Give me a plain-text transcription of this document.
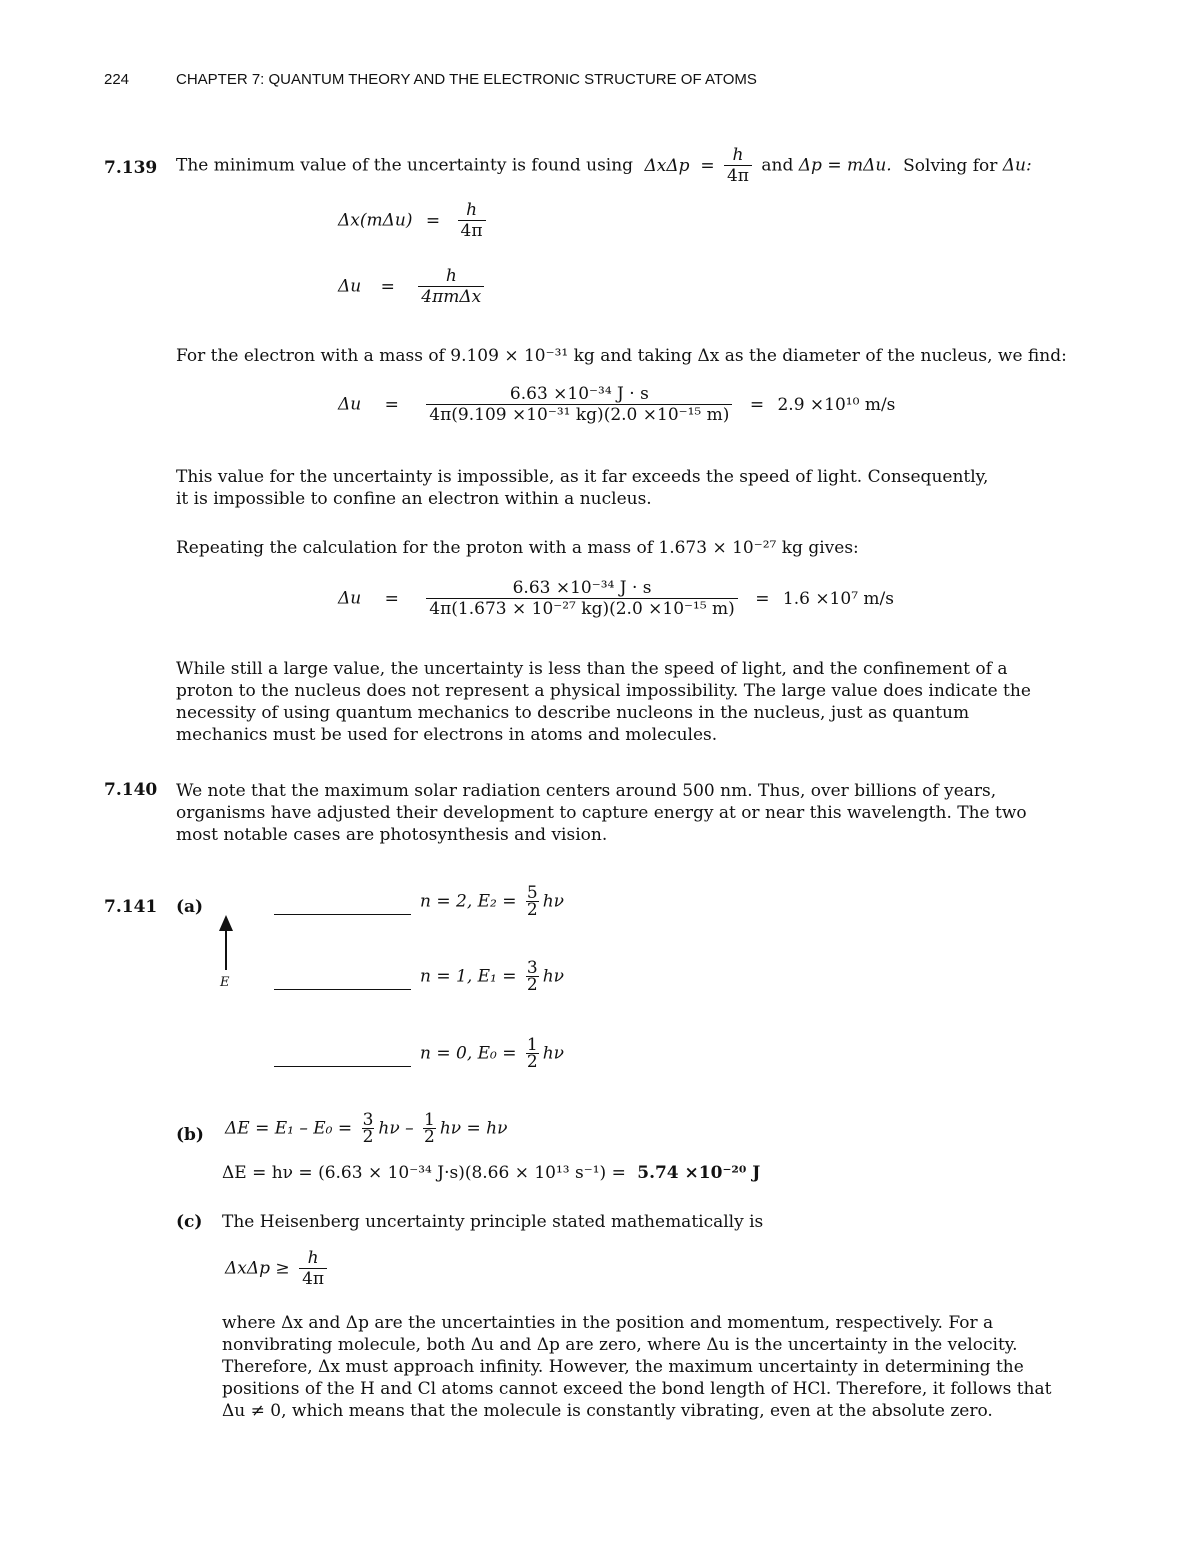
224	CHAPTER 7: QUANTUM THEORY AND THE ELECTRONIC STRUCTURE OF ATOMS
7.139 The minimum value of the uncertainty is found using $\Delta x\Delta p = \frac{h}{4\pi}$ and Δp = mΔu. Solving for Δu:
$\Delta x(m\Delta u) = \frac{h}{4\pi}$
$\Delta u = \frac{h}{\text{4πmΔx}}$
For the electron with a mass of 9.109 × 10⁻³¹ kg and taking Δx as the diameter of the nucleus, we find:
$\Delta u = \frac{\text{6.63 ×10⁻³⁴ J · s}}{\text{4π(9.109 ×10⁻³¹ kg)(2.0 ×10⁻¹⁵ m)}} = 2.9 \times 10^{10}$ m/s
This value for the uncertainty is impossible, as it far exceeds the speed of light. Consequently, it is impossible to confine an electron within a nucleus.
Repeating the calculation for the proton with a mass of 1.673 × 10⁻²⁷ kg gives:
$\Delta u = \frac{\text{6.63 ×10⁻³⁴ J · s}}{\text{4π(1.673 × 10⁻²⁷ kg)(2.0 ×10⁻¹⁵ m)}} = 1.6 \times 10^7$ m/s
While still a large value, the uncertainty is less than the speed of light, and the confinement of a proton to the nucleus does not represent a physical impossibility. The large value does indicate the necessity of using quantum mechanics to describe nucleons in the nucleus, just as quantum mechanics must be used for electrons in atoms and molecules.
7.140 We note that the maximum solar radiation centers around 500 nm. Thus, over billions of years, organisms have adjusted their development to capture energy at or near this wavelength. The two most notable cases are photosynthesis and vision.
7.141 (a)
E
n = 2, $E_2 = \frac{5}{2}$ hν
n = 1, $E_1 = \frac{3}{2}$ hν
n = 0, $E_0 = \frac{1}{2}$ hν
(b) $\Delta E = E_1 - E_0 = \frac{3}{2}$ hν – $\frac{1}{2}$ hν = hν
ΔE = hν = (6.63 × 10⁻³⁴ J·s)(8.66 × 10¹³ s⁻¹) = 5.74 ×10⁻²⁰ J
(c) The Heisenberg uncertainty principle stated mathematically is
$\Delta x\Delta p \ge \frac{h}{4\pi}$
where Δx and Δp are the uncertainties in the position and momentum, respectively. For a nonvibrating molecule, both Δu and Δp are zero, where Δu is the uncertainty in the velocity. Therefore, Δx must approach infinity. However, the maximum uncertainty in determining the positions of the H and Cl atoms cannot exceed the bond length of HCl. Therefore, it follows that Δu ≠ 0, which means that the molecule is constantly vibrating, even at the absolute zero.
